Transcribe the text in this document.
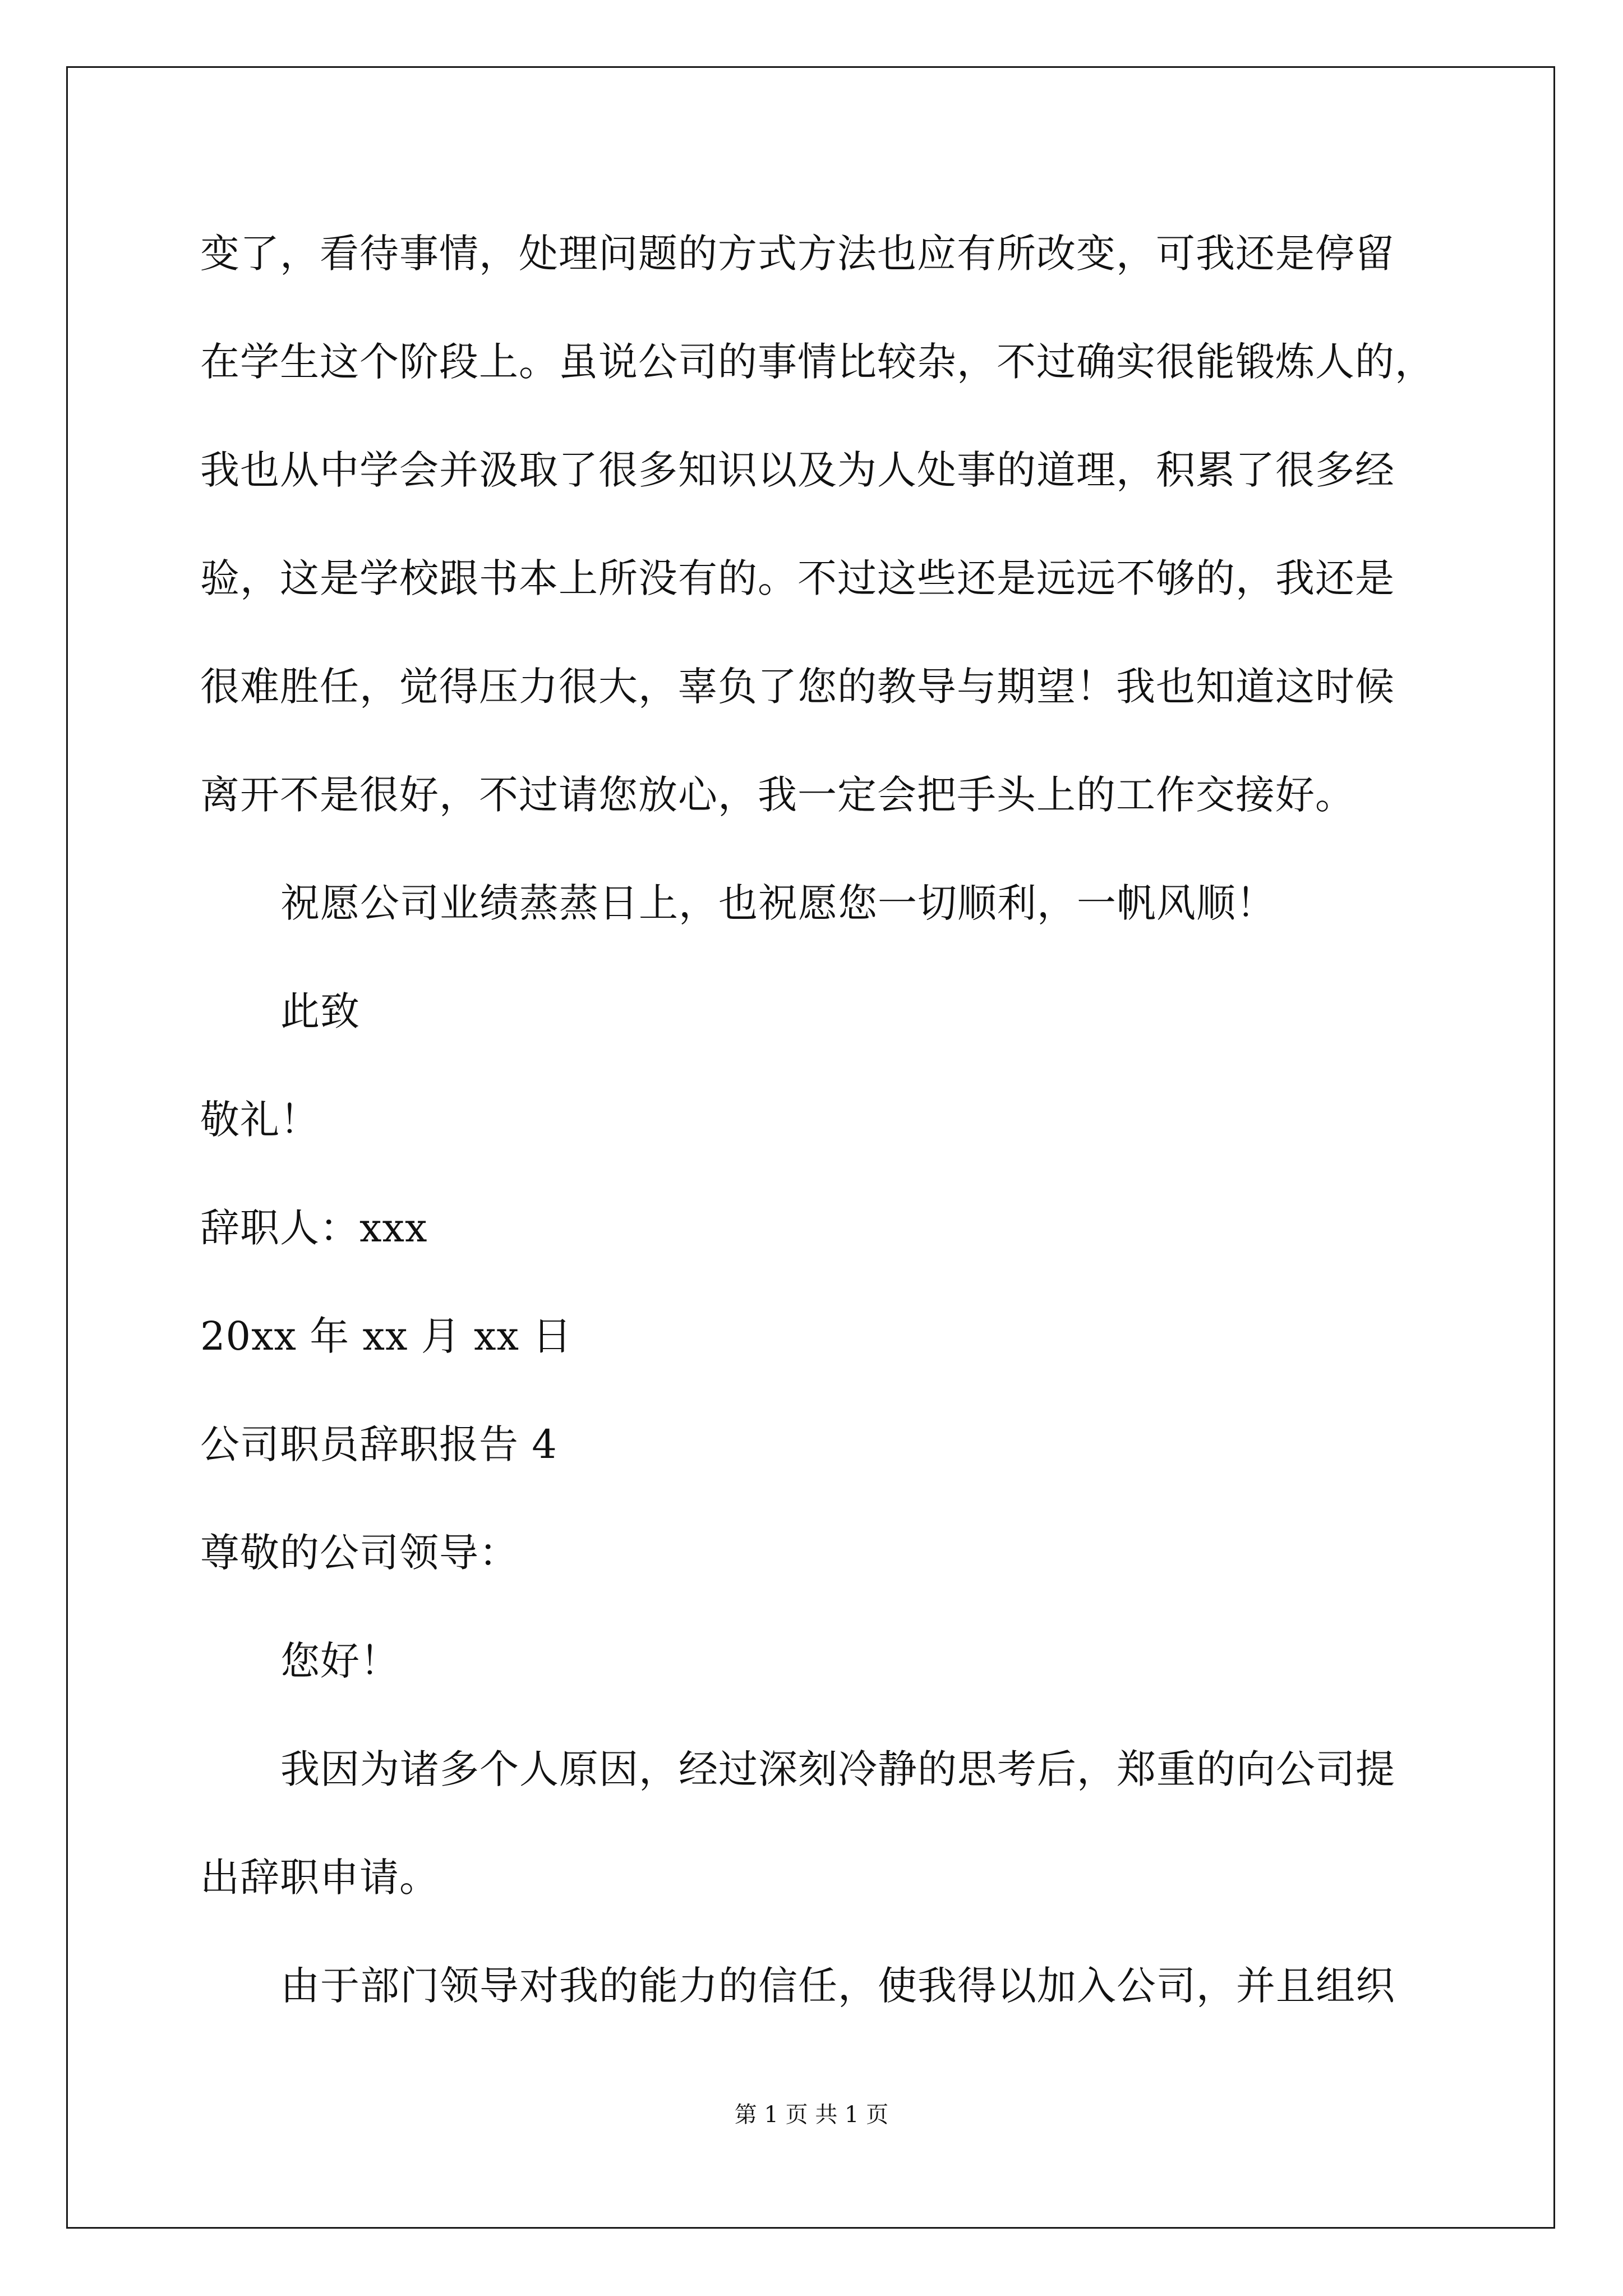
变了，看待事情，处理问题的方式方法也应有所改变，可我还是停留
在学生这个阶段上。虽说公司的事情比较杂，不过确实很能锻炼人的，
我也从中学会并汲取了很多知识以及为人处事的道理，积累了很多经
验，这是学校跟书本上所没有的。不过这些还是远远不够的，我还是
很难胜任，觉得压力很大，辜负了您的教导与期望！我也知道这时候
离开不是很好，不过请您放心，我一定会把手头上的工作交接好。
祝愿公司业绩蒸蒸日上，也祝愿您一切顺利，一帆风顺！
此致
敬礼！
辞职人：xxx
20xx 年 xx 月 xx 日
公司职员辞职报告 4
尊敬的公司领导：
您好！
我因为诸多个人原因，经过深刻冷静的思考后，郑重的向公司提
出辞职申请。
由于部门领导对我的能力的信任，使我得以加入公司，并且组织
第 1 页 共 1 页
